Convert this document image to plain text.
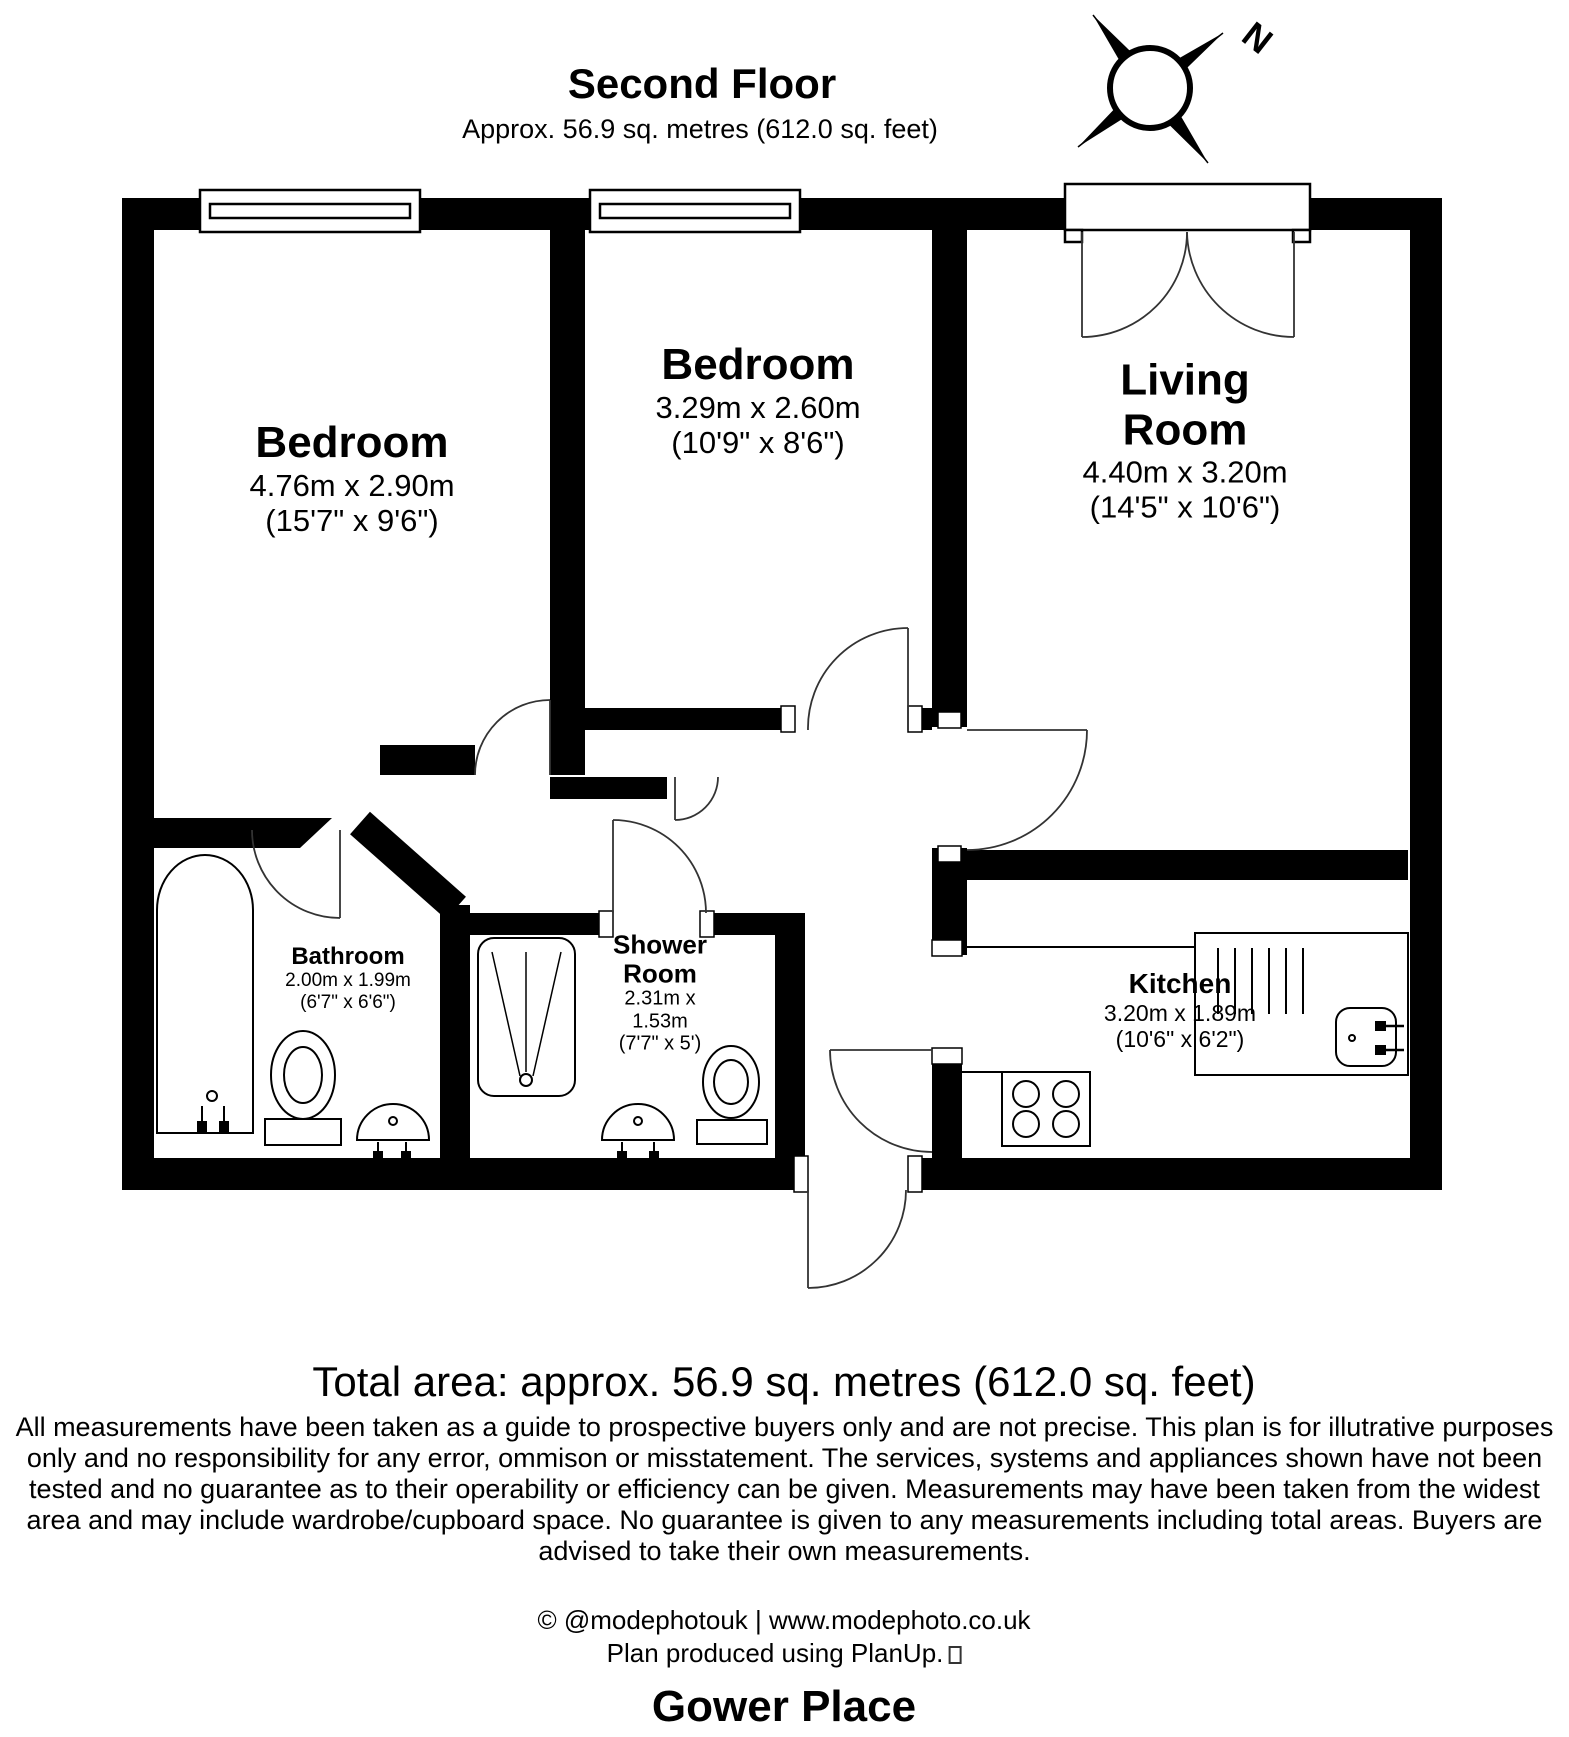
N
Second Floor
Approx. 56.9 sq. metres (612.0 sq. feet)
Bedroom
4.76m x 2.90m
(15'7" x 9'6")
Bedroom
3.29m x 2.60m
(10'9" x 8'6")
Living Room
4.40m x 3.20m
(14'5" x 10'6")
Bathroom
2.00m x 1.99m
(6'7" x 6'6")
Shower Room
2.31m x 1.53m
(7'7" x 5')
Kitchen
3.20m x 1.89m
(10'6" x 6'2")
Total area: approx. 56.9 sq. metres (612.0 sq. feet)
All measurements have been taken as a guide to prospective buyers only and are not precise. This plan is for illutrative purposes
only and no responsibility for any error, ommison or misstatement. The services, systems and appliances shown have not been
tested and no guarantee as to their operability or efficiency can be given. Measurements may have been taken from the widest
area and may include wardrobe/cupboard space. No guarantee is given to any measurements including total areas. Buyers are
advised to take their own measurements.
© @modephotouk | www.modephoto.co.uk
Plan produced using PlanUp.
Gower Place
